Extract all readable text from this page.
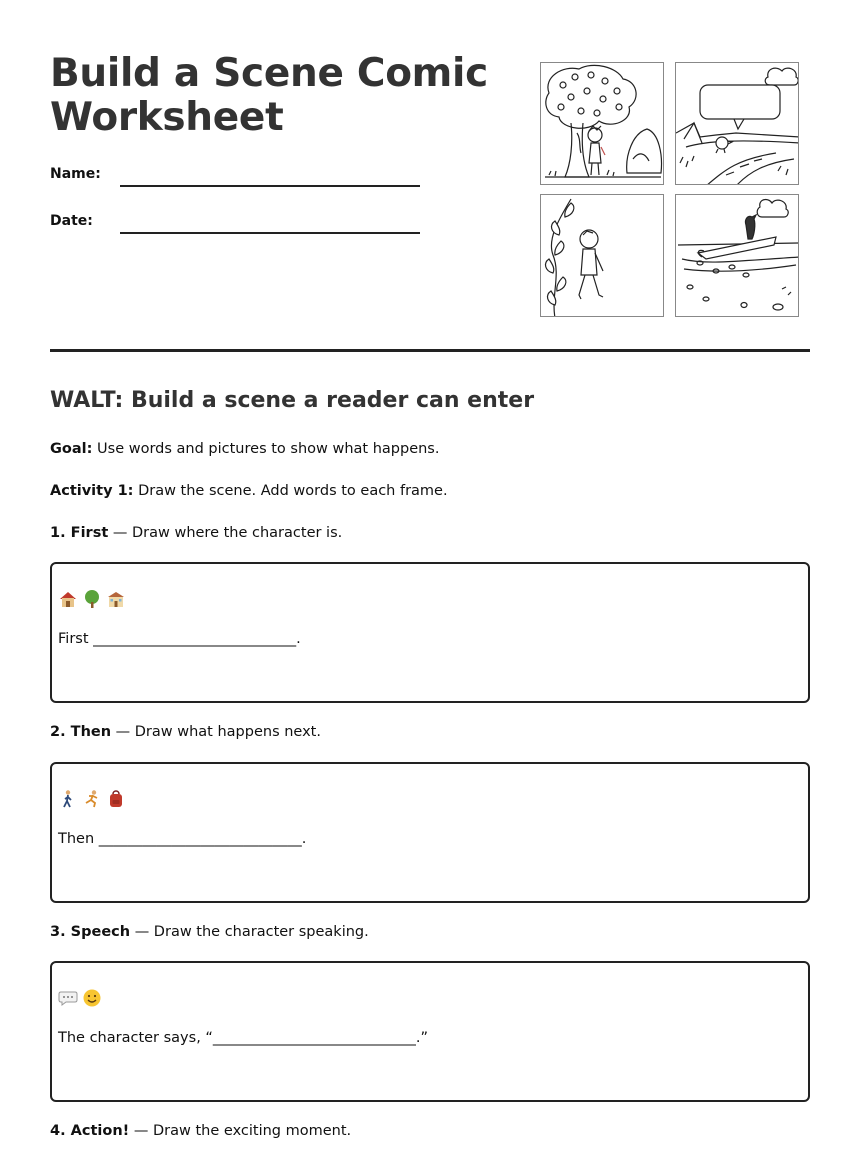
Build a Scene Comic Worksheet
Name:
Date:
WALT: Build a scene a reader can enter
Goal: Use words and pictures to show what happens.
Activity 1: Draw the scene. Add words to each frame.
1. First — Draw where the character is.
First ____________________________.
2. Then — Draw what happens next.
Then ____________________________.
3. Speech — Draw the character speaking.
The character says, “____________________________.”
4. Action! — Draw the exciting moment.
